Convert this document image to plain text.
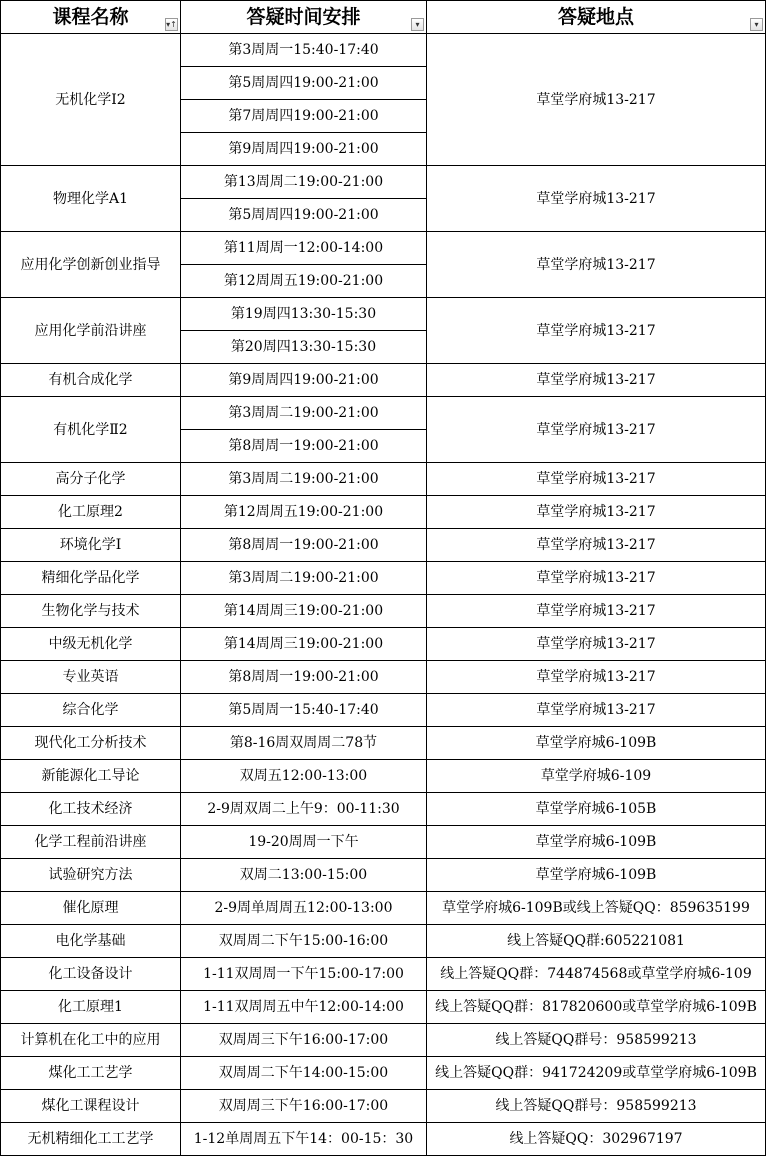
课程名称 ▾↑	答疑时间安排 ▾	答疑地点 ▾

无机化学Ⅰ2	第3周周一15:40-17:40	草堂学府城13-217
	第5周周四19:00-21:00	
	第7周周四19:00-21:00	
	第9周周四19:00-21:00	
物理化学A1	第13周周二19:00-21:00	草堂学府城13-217
	第5周周四19:00-21:00	
应用化学创新创业指导	第11周周一12:00-14:00	草堂学府城13-217
	第12周周五19:00-21:00	
应用化学前沿讲座	第19周四13:30-15:30	草堂学府城13-217
	第20周四13:30-15:30	
有机合成化学	第9周周四19:00-21:00	草堂学府城13-217
有机化学Ⅱ2	第3周周二19:00-21:00	草堂学府城13-217
	第8周周一19:00-21:00	
高分子化学	第3周周二19:00-21:00	草堂学府城13-217
化工原理2	第12周周五19:00-21:00	草堂学府城13-217
环境化学Ⅰ	第8周周一19:00-21:00	草堂学府城13-217
精细化学品化学	第3周周二19:00-21:00	草堂学府城13-217
生物化学与技术	第14周周三19:00-21:00	草堂学府城13-217
中级无机化学	第14周周三19:00-21:00	草堂学府城13-217
专业英语	第8周周一19:00-21:00	草堂学府城13-217
综合化学	第5周周一15:40-17:40	草堂学府城13-217
现代化工分析技术	第8-16周双周周二78节	草堂学府城6-109B
新能源化工导论	双周五12:00-13:00	草堂学府城6-109
化工技术经济	2-9周双周二上午9：00-11:30	草堂学府城6-105B
化学工程前沿讲座	19-20周周一下午	草堂学府城6-109B
试验研究方法	双周二13:00-15:00	草堂学府城6-109B
催化原理	2-9周单周周五12:00-13:00	草堂学府城6-109B或线上答疑QQ：859635199
电化学基础	双周周二下午15:00-16:00	线上答疑QQ群:605221081
化工设备设计	1-11双周周一下午15:00-17:00	线上答疑QQ群：744874568或草堂学府城6-109
化工原理1	1-11双周周五中午12:00-14:00	线上答疑QQ群：817820600或草堂学府城6-109B
计算机在化工中的应用	双周周三下午16:00-17:00	线上答疑QQ群号：958599213
煤化工工艺学	双周周二下午14:00-15:00	线上答疑QQ群：941724209或草堂学府城6-109B
煤化工课程设计	双周周三下午16:00-17:00	线上答疑QQ群号：958599213
无机精细化工工艺学	1-12单周周五下午14：00-15：30	线上答疑QQ：302967197
